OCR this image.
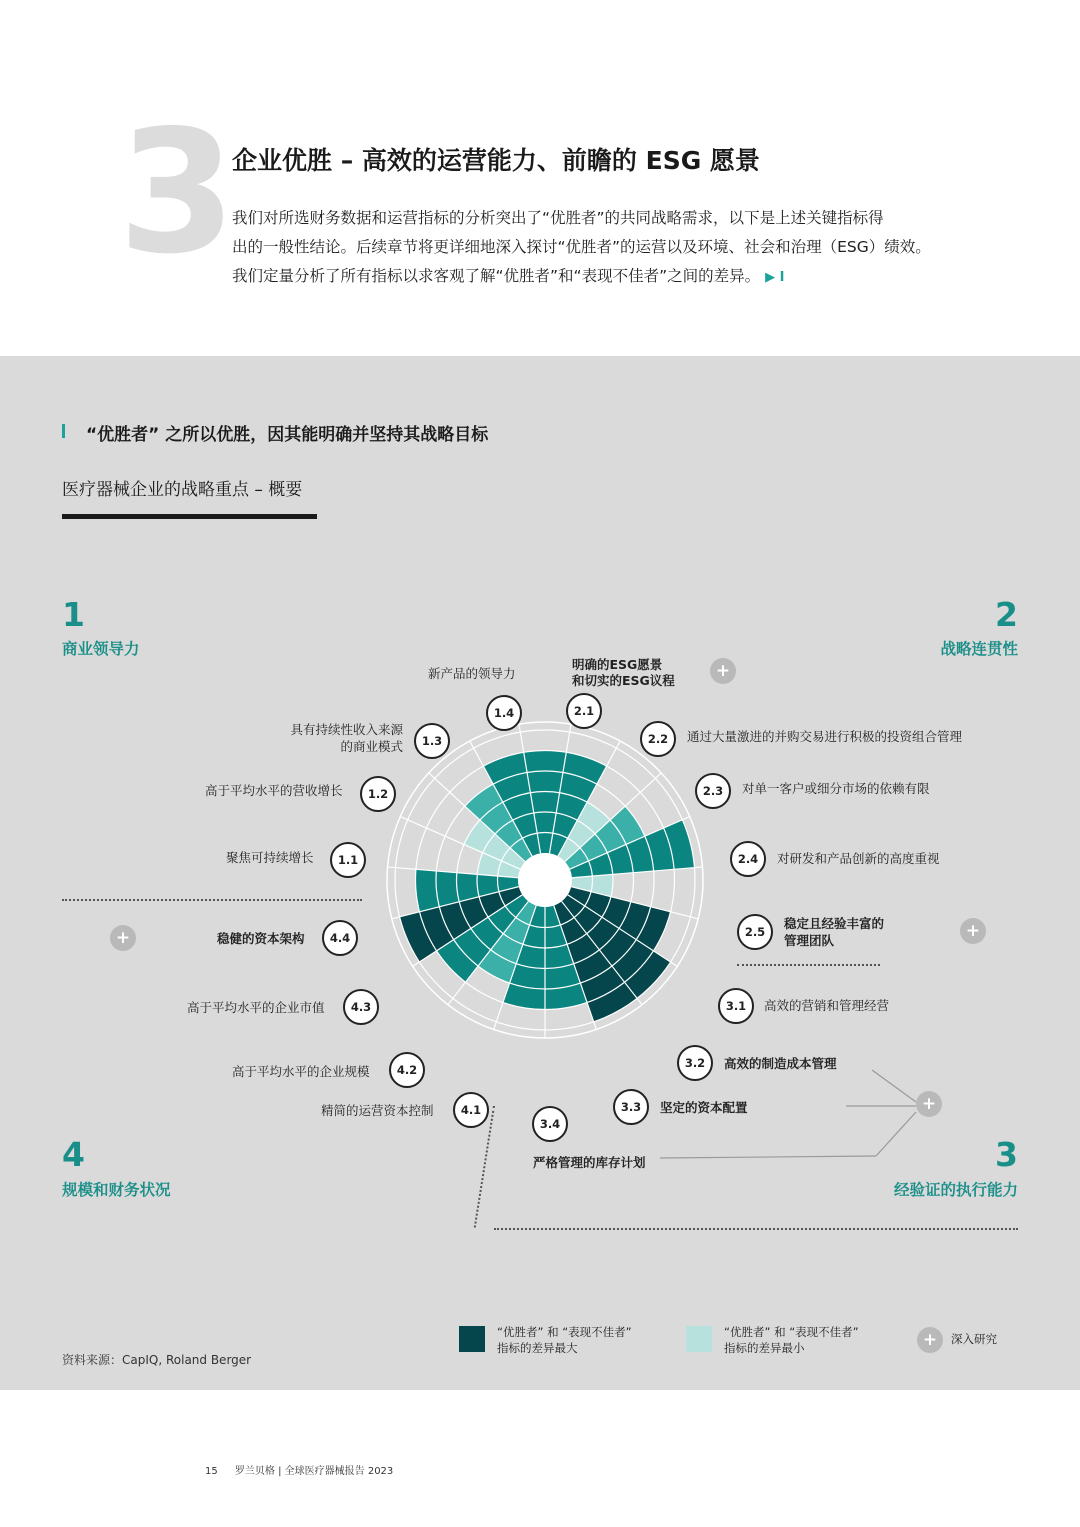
3 企业优胜 – 高效的运营能力、前瞻的 ESG 愿景
我们对所选财务数据和运营指标的分析突出了“优胜者”的共同战略需求，以下是上述关键指标得
出的一般性结论。后续章节将更详细地深入探讨“优胜者”的运营以及环境、社会和治理（ESG）绩效。
我们定量分析了所有指标以求客观了解“优胜者”和“表现不佳者”之间的差异。 ▶ I
“优胜者” 之所以优胜，因其能明确并坚持其战略目标
医疗器械企业的战略重点 – 概要
1
商业领导力
2
战略连贯性
3
经验证的执行能力
4
规模和财务状况
新产品的领导力
1.4
明确的ESG愿景
和切实的ESG议程
2.1
+
2.2	通过大量激进的并购交易进行积极的投资组合管理
2.3	对单一客户或细分市场的依赖有限
2.4	对研发和产品创新的高度重视
2.5
稳定且经验丰富的
管理团队	+
3.1	高效的营销和管理经营
3.2	高效的制造成本管理
+
3.3	坚定的资本配置
3.4
严格管理的库存计划
4.1
精简的运营资本控制
4.2
高于平均水平的企业规模
4.3
高于平均水平的企业市值
4.4
稳健的资本架构
+
1.1
聚焦可持续增长
1.2
高于平均水平的营收增长
具有持续性收入来源
的商业模式	1.3
“优胜者” 和 “表现不佳者”
指标的差异最大
“优胜者” 和 “表现不佳者”
指标的差异最小	+	深入研究
资料来源：CapIQ, Roland Berger
15 罗兰贝格 | 全球医疗器械报告 2023
